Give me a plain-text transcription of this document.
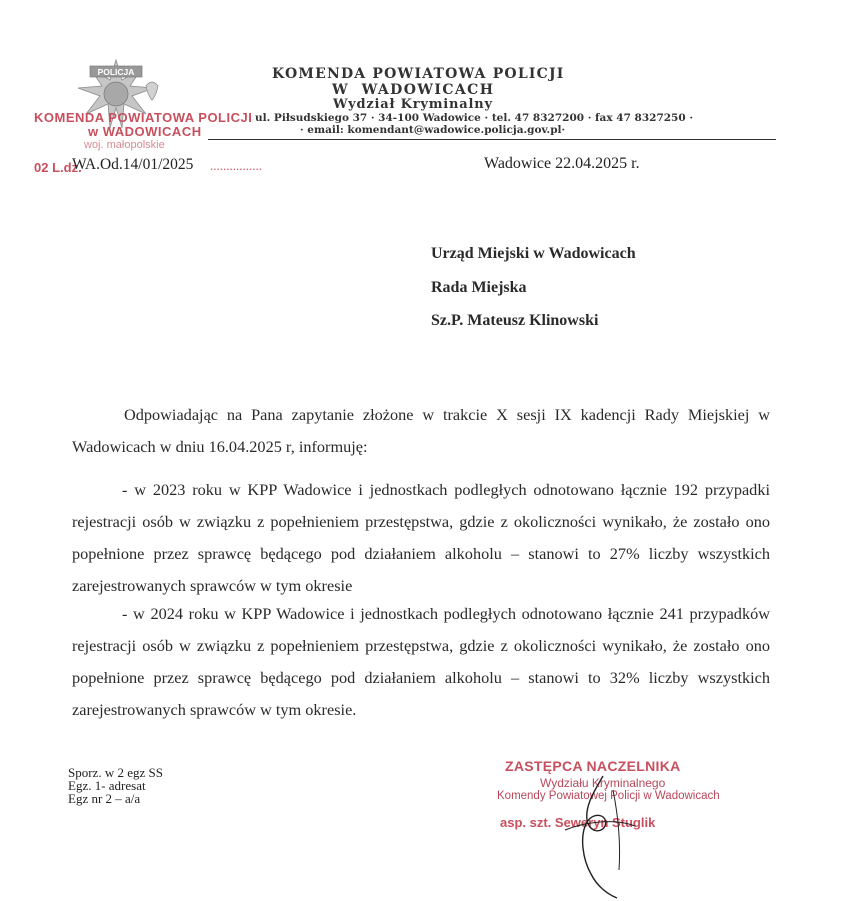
POLICJA	KOMENDA POWIATOWA POLICJI
W  WADOWICACH
Wydział Kryminalny
ul. Piłsudskiego 37 · 34-100 Wadowice · tel. 47 8327200 · fax 47 8327250 ·
· email: komendant@wadowice.policja.gov.pl·
KOMENDA POWIATOWA POLICJI
w WADOWICACH
woj. małopolskie
02 L.dz.
WA.Od.14/01/2025 ................	Wadowice 22.04.2025 r.
Urząd Miejski w Wadowicach
Rada Miejska
Sz.P. Mateusz Klinowski
Odpowiadając na Pana zapytanie złożone w trakcie X sesji IX kadencji Rady Miejskiej w Wadowicach w dniu 16.04.2025 r, informuję:
- w 2023 roku w KPP Wadowice i jednostkach podległych odnotowano łącznie 192 przypadki rejestracji osób w związku z popełnieniem przestępstwa, gdzie z okoliczności wynikało, że zostało ono popełnione przez sprawcę będącego pod działaniem alkoholu – stanowi to 27% liczby wszystkich zarejestrowanych sprawców w tym okresie
- w 2024 roku w KPP Wadowice i jednostkach podległych odnotowano łącznie 241 przypadków rejestracji osób w związku z popełnieniem przestępstwa, gdzie z okoliczności wynikało, że zostało ono popełnione przez sprawcę będącego pod działaniem alkoholu – stanowi to 32% liczby wszystkich zarejestrowanych sprawców w tym okresie.
Sporz. w 2 egz SS
Egz. 1- adresat
Egz nr 2 – a/a
ZASTĘPCA NACZELNIKA
Wydziału Kryminalnego
Komendy Powiatowej Policji w Wadowicach
asp. szt. Seweryn Stuglik
